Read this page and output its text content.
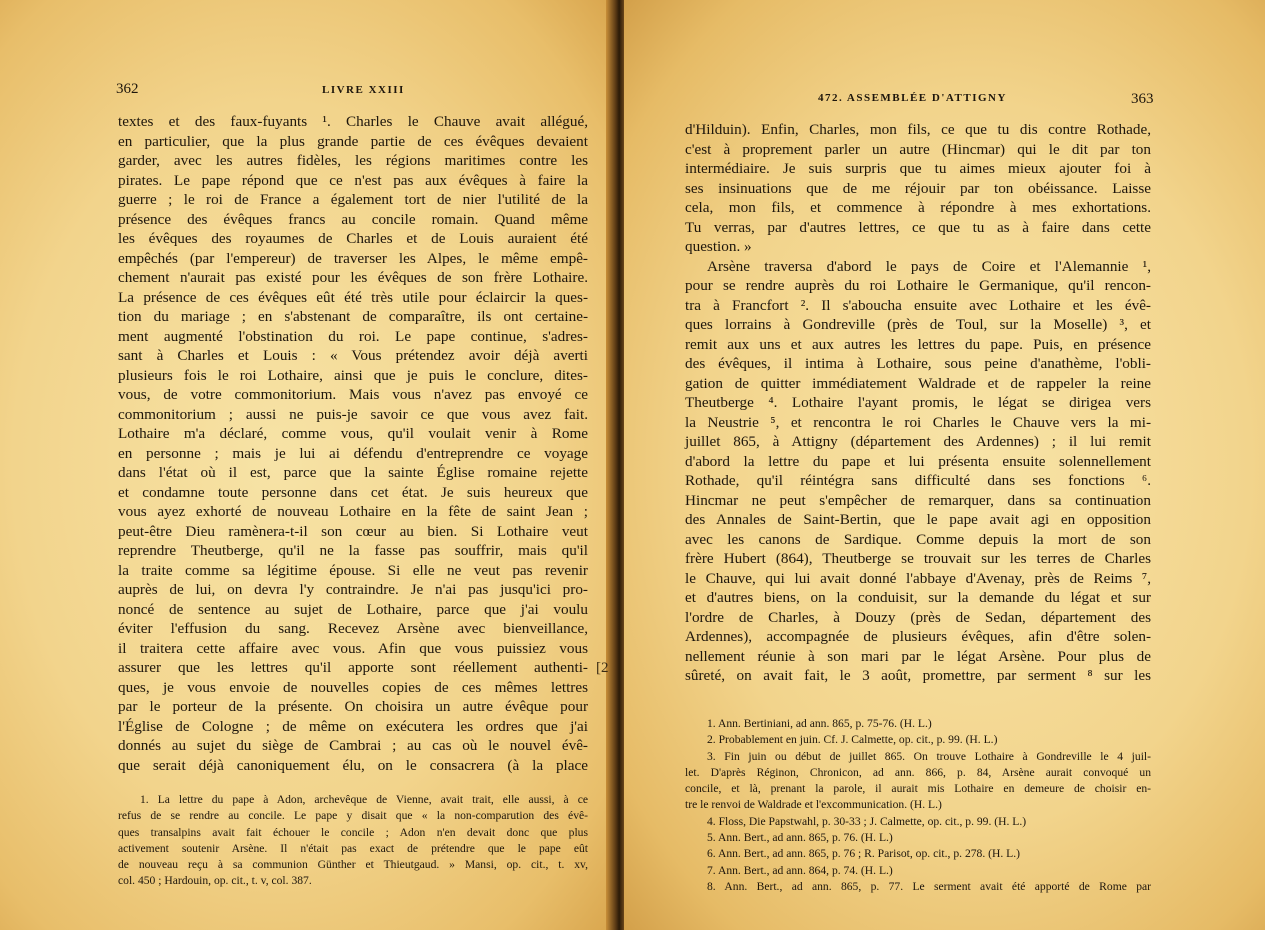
362	LIVRE XXIII
textes et des faux-fuyants ¹. Charles le Chauve avait allégué,
en particulier, que la plus grande partie de ces évêques devaient
garder, avec les autres fidèles, les régions maritimes contre les
pirates. Le pape répond que ce n'est pas aux évêques à faire la
guerre ; le roi de France a également tort de nier l'utilité de la
présence des évêques francs au concile romain. Quand même
les évêques des royaumes de Charles et de Louis auraient été
empêchés (par l'empereur) de traverser les Alpes, le même empê-
chement n'aurait pas existé pour les évêques de son frère Lothaire.
La présence de ces évêques eût été très utile pour éclaircir la ques-
tion du mariage ; en s'abstenant de comparaître, ils ont certaine-
ment augmenté l'obstination du roi. Le pape continue, s'adres-
sant à Charles et Louis : « Vous prétendez avoir déjà averti
plusieurs fois le roi Lothaire, ainsi que je puis le conclure, dites-
vous, de votre commonitorium. Mais vous n'avez pas envoyé ce
commonitorium ; aussi ne puis-je savoir ce que vous avez fait.
Lothaire m'a déclaré, comme vous, qu'il voulait venir à Rome
en personne ; mais je lui ai défendu d'entreprendre ce voyage
dans l'état où il est, parce que la sainte Église romaine rejette
et condamne toute personne dans cet état. Je suis heureux que
vous ayez exhorté de nouveau Lothaire en la fête de saint Jean ;
peut-être Dieu ramènera-t-il son cœur au bien. Si Lothaire veut
reprendre Theutberge, qu'il ne la fasse pas souffrir, mais qu'il
la traite comme sa légitime épouse. Si elle ne veut pas revenir
auprès de lui, on devra l'y contraindre. Je n'ai pas jusqu'ici pro-
noncé de sentence au sujet de Lothaire, parce que j'ai voulu
éviter l'effusion du sang. Recevez Arsène avec bienveillance,
il traitera cette affaire avec vous. Afin que vous puissiez vous
assurer que les lettres qu'il apporte sont réellement authenti-
ques, je vous envoie de nouvelles copies de ces mêmes lettres
par le porteur de la présente. On choisira un autre évêque pour
l'Église de Cologne ; de même on exécutera les ordres que j'ai
donnés au sujet du siège de Cambrai ; au cas où le nouvel évê-
que serait déjà canoniquement élu, on le consacrera (à la place
1. La lettre du pape à Adon, archevêque de Vienne, avait trait, elle aussi, à ce
refus de se rendre au concile. Le pape y disait que « la non-comparution des évê-
ques transalpins avait fait échouer le concile ; Adon n'en devait donc que plus
activement soutenir Arsène. Il n'était pas exact de prétendre que le pape eût
de nouveau reçu à sa communion Günther et Thieutgaud. » Mansi, op. cit., t. xv,
col. 450 ; Hardouin, op. cit., t. v, col. 387.
[2
472. ASSEMBLÉE D'ATTIGNY	363
d'Hilduin). Enfin, Charles, mon fils, ce que tu dis contre Rothade,
c'est à proprement parler un autre (Hincmar) qui le dit par ton
intermédiaire. Je suis surpris que tu aimes mieux ajouter foi à
ses insinuations que de me réjouir par ton obéissance. Laisse
cela, mon fils, et commence à répondre à mes exhortations.
Tu verras, par d'autres lettres, ce que tu as à faire dans cette
question. »
Arsène traversa d'abord le pays de Coire et l'Alemannie ¹,
pour se rendre auprès du roi Lothaire le Germanique, qu'il rencon-
tra à Francfort ². Il s'aboucha ensuite avec Lothaire et les évê-
ques lorrains à Gondreville (près de Toul, sur la Moselle) ³, et
remit aux uns et aux autres les lettres du pape. Puis, en présence
des évêques, il intima à Lothaire, sous peine d'anathème, l'obli-
gation de quitter immédiatement Waldrade et de rappeler la reine
Theutberge ⁴. Lothaire l'ayant promis, le légat se dirigea vers
la Neustrie ⁵, et rencontra le roi Charles le Chauve vers la mi-
juillet 865, à Attigny (département des Ardennes) ; il lui remit
d'abord la lettre du pape et lui présenta ensuite solennellement
Rothade, qu'il réintégra sans difficulté dans ses fonctions ⁶.
Hincmar ne peut s'empêcher de remarquer, dans sa continuation
des Annales de Saint-Bertin, que le pape avait agi en opposition
avec les canons de Sardique. Comme depuis la mort de son
frère Hubert (864), Theutberge se trouvait sur les terres de Charles
le Chauve, qui lui avait donné l'abbaye d'Avenay, près de Reims ⁷,
et d'autres biens, on la conduisit, sur la demande du légat et sur
l'ordre de Charles, à Douzy (près de Sedan, département des
Ardennes), accompagnée de plusieurs évêques, afin d'être solen-
nellement réunie à son mari par le légat Arsène. Pour plus de
sûreté, on avait fait, le 3 août, promettre, par serment ⁸ sur les
1. Ann. Bertiniani, ad ann. 865, p. 75-76. (H. L.)
2. Probablement en juin. Cf. J. Calmette, op. cit., p. 99. (H. L.)
3. Fin juin ou début de juillet 865. On trouve Lothaire à Gondreville le 4 juil-
let. D'après Réginon, Chronicon, ad ann. 866, p. 84, Arsène aurait convoqué un
concile, et là, prenant la parole, il aurait mis Lothaire en demeure de choisir en-
tre le renvoi de Waldrade et l'excommunication. (H. L.)
4. Floss, Die Papstwahl, p. 30-33 ; J. Calmette, op. cit., p. 99. (H. L.)
5. Ann. Bert., ad ann. 865, p. 76. (H. L.)
6. Ann. Bert., ad ann. 865, p. 76 ; R. Parisot, op. cit., p. 278. (H. L.)
7. Ann. Bert., ad ann. 864, p. 74. (H. L.)
8. Ann. Bert., ad ann. 865, p. 77. Le serment avait été apporté de Rome par
